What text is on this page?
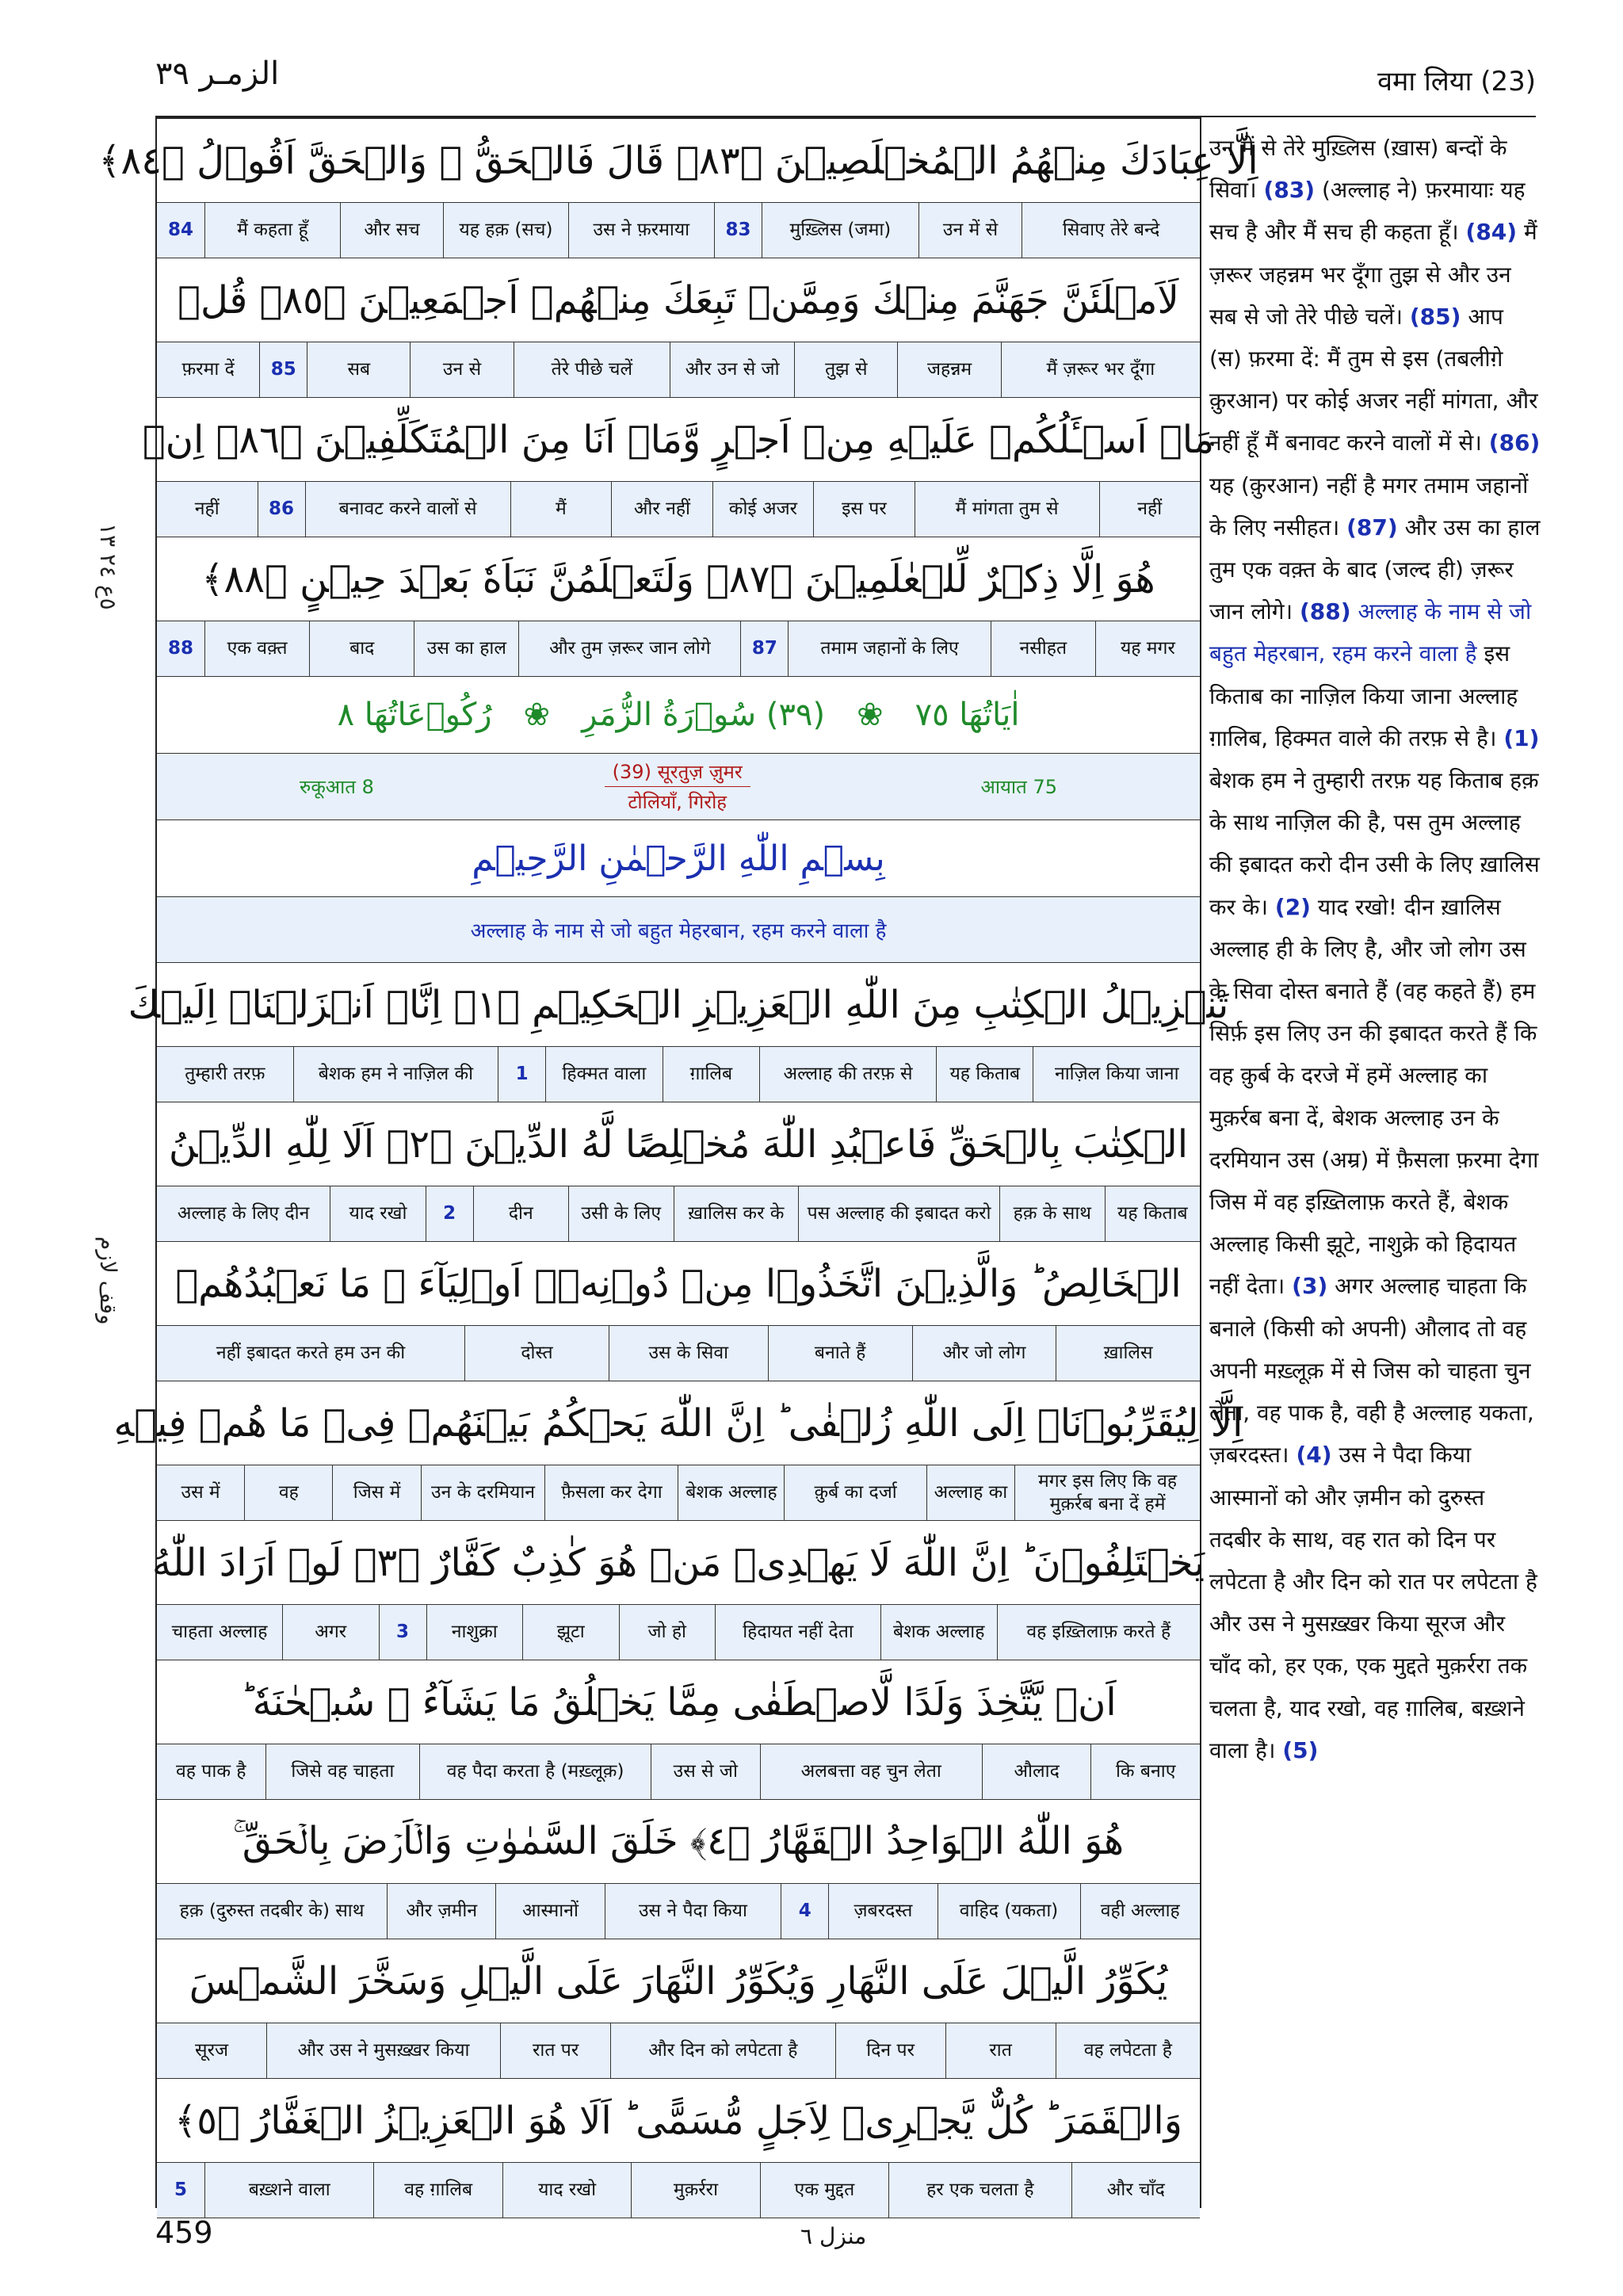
الزمـر ٣٩	वमा लिया (23)
٥ع ٢٤ ١٣
وقف لازم
اِلَّا عِبَادَكَ مِنۡهُمُ الۡمُخۡلَصِيۡنَ ﴿٨٣﴾ قَالَ فَالۡحَقُّ ۡ وَالۡحَقَّ اَقُوۡلُ ﴿٨٤﴾
सिवाए तेरे बन्दे
उन में से
मुख़्लिस (जमा)
83
उस ने फ़रमाया
यह हक़ (सच)
और सच
मैं कहता हूँ
84
لَاَمۡلَئَنَّ جَهَنَّمَ مِنۡكَ وَمِمَّنۡ تَبِعَكَ مِنۡهُمۡ اَجۡمَعِيۡنَ ﴿٨٥﴾ قُلۡ
मैं ज़रूर भर दूँगा
जहन्नम
तुझ से
और उन से जो
तेरे पीछे चलें
उन से
सब
85
फ़रमा दें
مَاۤ اَسۡـَٔلُكُمۡ عَلَيۡهِ مِنۡ اَجۡرٍ وَّمَاۤ اَنَا مِنَ الۡمُتَكَلِّفِيۡنَ ﴿٨٦﴾ اِنۡ
नहीं
मैं मांगता तुम से
इस पर
कोई अजर
और नहीं
मैं
बनावट करने वालों से
86
नहीं
هُوَ اِلَّا ذِكۡرٌ لِّلۡعٰلَمِيۡنَ ﴿٨٧﴾ وَلَتَعۡلَمُنَّ نَبَاَهٗ بَعۡدَ حِيۡنٍ ﴿٨٨﴾
यह मगर
नसीहत
तमाम जहानों के लिए
87
और तुम ज़रूर जान लोगे
उस का हाल
बाद
एक वक़्त
88
اٰيَاتُهَا ٧٥
❀
(٣٩) سُوۡرَةُ الزُّمَرِ
❀
رُكُوۡعَاتُهَا ٨
रुकूआत 8
(39) सूरतुज़ ज़ुमर
टोलियाँ, गिरोह
आयात 75
بِسۡمِ اللّٰهِ الرَّحۡمٰنِ الرَّحِيۡمِ
अल्लाह के नाम से जो बहुत मेहरबान, रहम करने वाला है
تَنۡزِيۡلُ الۡكِتٰبِ مِنَ اللّٰهِ الۡعَزِيۡزِ الۡحَكِيۡمِ ﴿١﴾ اِنَّاۤ اَنۡزَلۡنَاۤ اِلَيۡكَ
नाज़िल किया जाना
यह किताब
अल्लाह की तरफ़ से
ग़ालिब
हिक्मत वाला
1
बेशक हम ने नाज़िल की
तुम्हारी तरफ़
الۡكِتٰبَ بِالۡحَقِّ فَاعۡبُدِ اللّٰهَ مُخۡلِصًا لَّهُ الدِّيۡنَ ﴿٢﴾ اَلَا لِلّٰهِ الدِّيۡنُ
यह किताब
हक़ के साथ
पस अल्लाह की इबादत करो
ख़ालिस कर के
उसी के लिए
दीन
2
याद रखो
अल्लाह के लिए दीन
الۡخَالِصُ ؕ وَالَّذِيۡنَ اتَّخَذُوۡا مِنۡ دُوۡنِهٖۤ اَوۡلِيَآءَ ۘ مَا نَعۡبُدُهُمۡ
ख़ालिस
और जो लोग
बनाते हैं
उस के सिवा
दोस्त
नहीं इबादत करते हम उन की
اِلَّا لِيُقَرِّبُوۡنَاۤ اِلَى اللّٰهِ زُلۡفٰى ؕ اِنَّ اللّٰهَ يَحۡكُمُ بَيۡنَهُمۡ فِىۡ مَا هُمۡ فِيۡهِ
मगर इस लिए कि वह मुक़र्रब बना दें हमें
अल्लाह का
क़ुर्ब का दर्जा
बेशक अल्लाह
फ़ैसला कर देगा
उन के दरमियान
जिस में
वह
उस में
يَخۡتَلِفُوۡنَ ؕ اِنَّ اللّٰهَ لَا يَهۡدِىۡ مَنۡ هُوَ كٰذِبٌ كَفَّارٌ ﴿٣﴾ لَوۡ اَرَادَ اللّٰهُ
वह इख़्तिलाफ़ करते हैं
बेशक अल्लाह
हिदायत नहीं देता
जो हो
झूटा
नाशुक्रा
3
अगर
चाहता अल्लाह
اَنۡ يَّتَّخِذَ وَلَدًا لَّاصۡطَفٰى مِمَّا يَخۡلُقُ مَا يَشَآءُ ۙ سُبۡحٰنَهٗ ؕ
कि बनाए
औलाद
अलबत्ता वह चुन लेता
उस से जो
वह पैदा करता है (मख़्लूक़)
जिसे वह चाहता
वह पाक है
هُوَ اللّٰهُ الۡوَاحِدُ الۡقَهَّارُ ﴿٤﴾ خَلَقَ السَّمٰوٰتِ وَالۡاَرۡضَ بِالۡحَقِّ ۚ
वही अल्लाह
वाहिद (यकता)
ज़बरदस्त
4
उस ने पैदा किया
आस्मानों
और ज़मीन
हक़ (दुरुस्त तदबीर के) साथ
يُكَوِّرُ الَّيۡلَ عَلَى النَّهَارِ وَيُكَوِّرُ النَّهَارَ عَلَى الَّيۡلِ وَسَخَّرَ الشَّمۡسَ
वह लपेटता है
रात
दिन पर
और दिन को लपेटता है
रात पर
और उस ने मुसख़्ख़र किया
सूरज
وَالۡقَمَرَ ؕ كُلٌّ يَّجۡرِىۡ لِاَجَلٍ مُّسَمًّى ؕ اَلَا هُوَ الۡعَزِيۡزُ الۡغَفَّارُ ﴿٥﴾
और चाँद
हर एक चलता है
एक मुद्दत
मुक़र्ररा
याद रखो
वह ग़ालिब
बख़्शने वाला
5
उन में से तेरे मुख़्लिस (ख़ास) बन्दों के सिवा। (83) (अल्लाह ने) फ़रमायाः यह सच है और मैं सच ही कहता हूँ। (84) मैं ज़रूर जहन्नम भर दूँगा तुझ से और उन सब से जो तेरे पीछे चलें। (85) आप (स) फ़रमा दें: मैं तुम से इस (तबलीग़े क़ुरआन) पर कोई अजर नहीं मांगता, और नहीं हूँ मैं बनावट करने वालों में से। (86) यह (क़ुरआन) नहीं है मगर तमाम जहानों के लिए नसीहत। (87) और उस का हाल तुम एक वक़्त के बाद (जल्द ही) ज़रूर जान लोगे। (88) अल्लाह के नाम से जो बहुत मेहरबान, रहम करने वाला है इस किताब का नाज़िल किया जाना अल्लाह ग़ालिब, हिक्मत वाले की तरफ़ से है। (1) बेशक हम ने तुम्हारी तरफ़ यह किताब हक़ के साथ नाज़िल की है, पस तुम अल्लाह की इबादत करो दीन उसी के लिए ख़ालिस कर के। (2) याद रखो! दीन ख़ालिस अल्लाह ही के लिए है, और जो लोग उस के सिवा दोस्त बनाते हैं (वह कहते हैं) हम सिर्फ़ इस लिए उन की इबादत करते हैं कि वह क़ुर्ब के दरजे में हमें अल्लाह का मुक़र्रब बना दें, बेशक अल्लाह उन के दरमियान उस (अम्र) में फ़ैसला फ़रमा देगा जिस में वह इख़्तिलाफ़ करते हैं, बेशक अल्लाह किसी झूटे, नाशुक्रे को हिदायत नहीं देता। (3) अगर अल्लाह चाहता कि बनाले (किसी को अपनी) औलाद तो वह अपनी मख़्लूक़ में से जिस को चाहता चुन लेता, वह पाक है, वही है अल्लाह यकता, ज़बरदस्त। (4) उस ने पैदा किया आस्मानों को और ज़मीन को दुरुस्त तदबीर के साथ, वह रात को दिन पर लपेटता है और दिन को रात पर लपेटता है और उस ने मुसख़्ख़र किया सूरज और चाँद को, हर एक, एक मुद्दते मुक़र्ररा तक चलता है, याद रखो, वह ग़ालिब, बख़्शने वाला है। (5)
459	منزل ٦
